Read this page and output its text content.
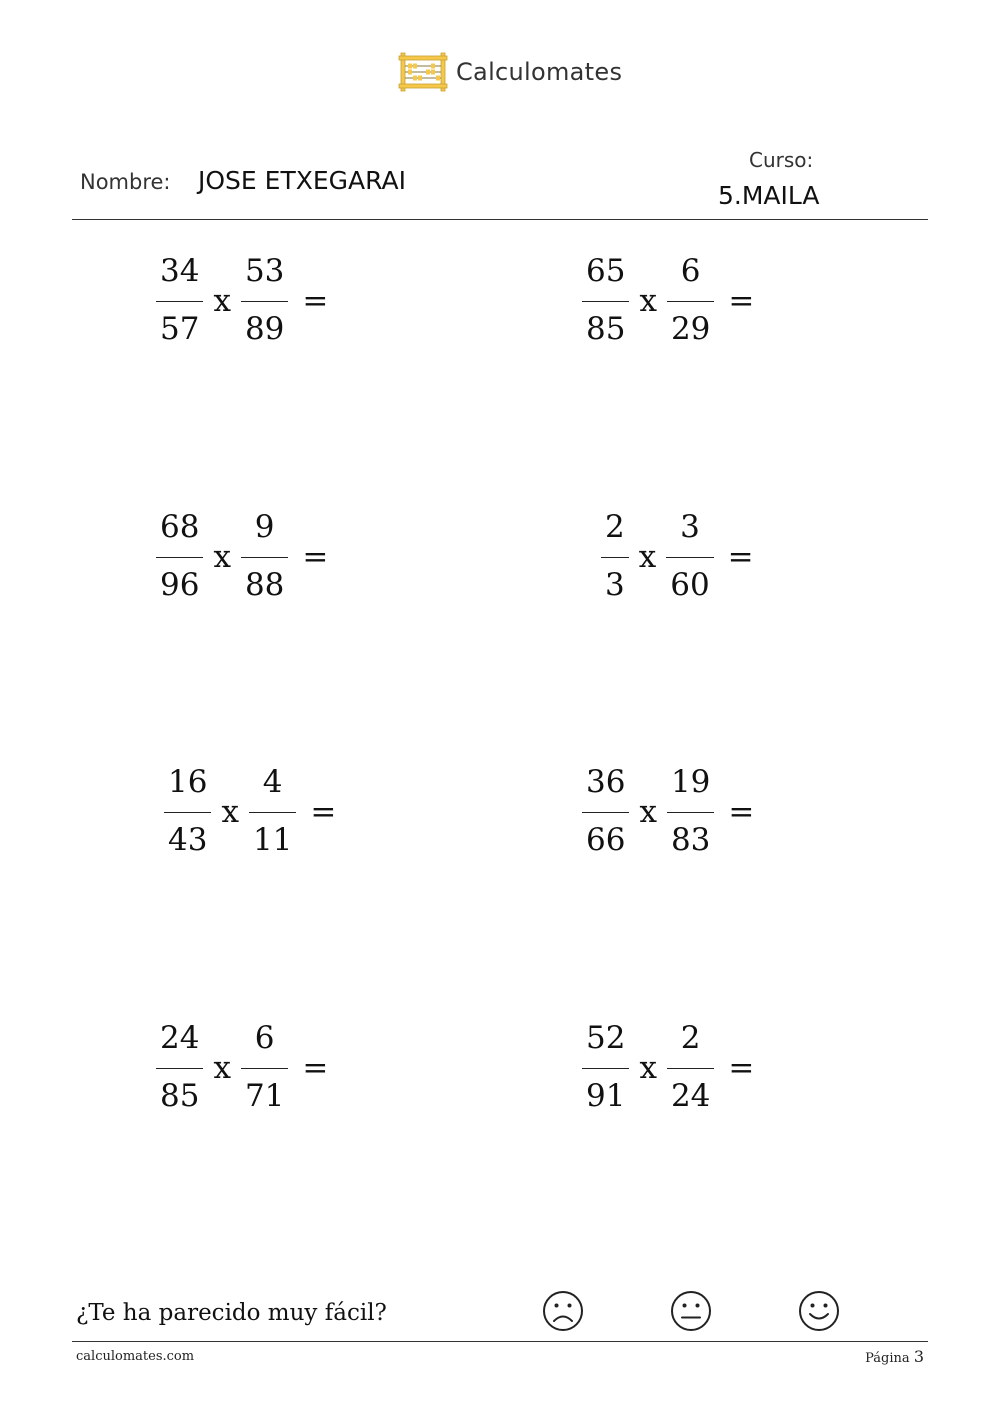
Calculomates
Nombre: JOSE ETXEGARAI
Curso:
5.MAILA
$\frac{34}{57}$ x $\frac{53}{89}$ =	$\frac{65}{85}$ x $\frac{6}{29}$ =
$\frac{68}{96}$ x $\frac{9}{88}$ =	$\frac{2}{3}$ x $\frac{3}{60}$ =
$\frac{16}{43}$ x $\frac{4}{11}$ =	$\frac{36}{66}$ x $\frac{19}{83}$ =
$\frac{24}{85}$ x $\frac{6}{71}$ =	$\frac{52}{91}$ x $\frac{2}{24}$ =
¿Te ha parecido muy fácil?
calculomates.com	Página 3
